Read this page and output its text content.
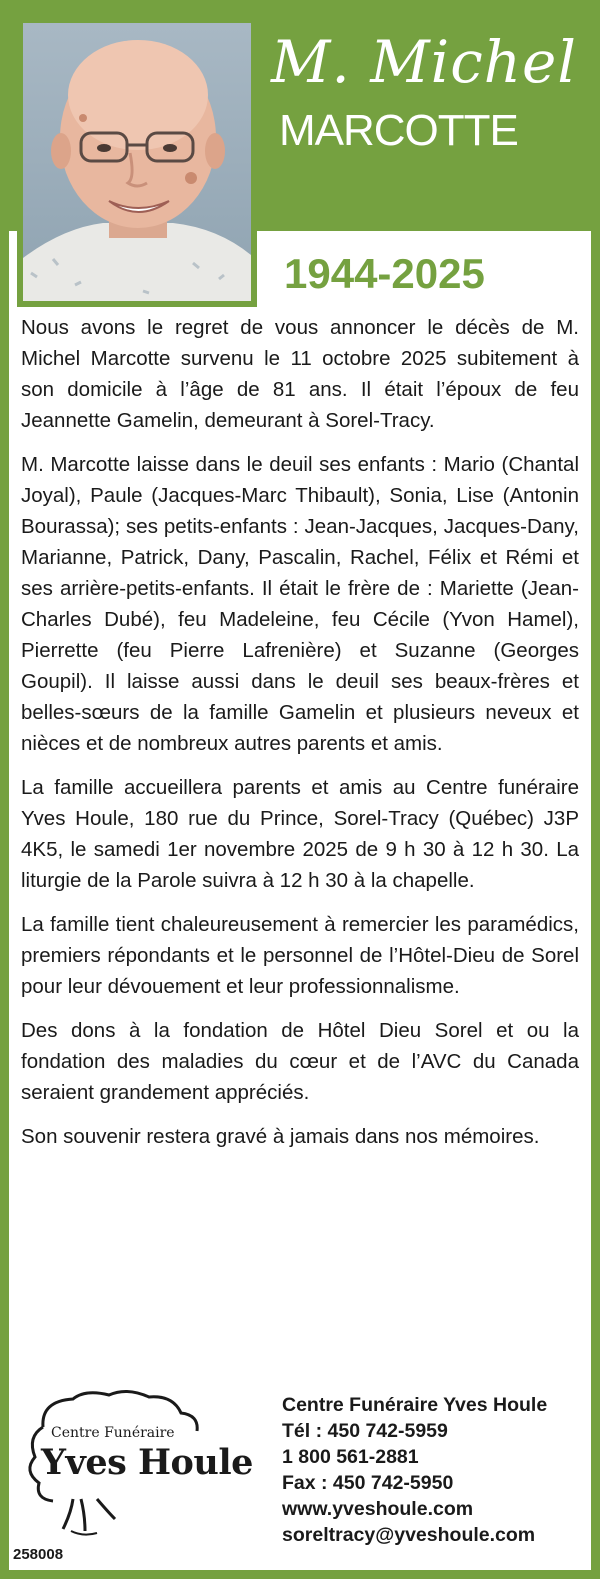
M. Michel
MARCOTTE
1944-2025

Nous avons le regret de vous annoncer le décès de M. Michel Marcotte survenu le 11 octobre 2025 subitement à son domicile à l’âge de 81 ans. Il était l’époux de feu Jeannette Gamelin, demeurant à Sorel-Tracy.

M. Marcotte laisse dans le deuil ses enfants : Mario (Chantal Joyal), Paule (Jacques-Marc Thibault), Sonia, Lise (Antonin Bourassa); ses petits-enfants : Jean-Jacques, Jacques-Dany, Marianne, Patrick, Dany, Pascalin, Rachel, Félix et Rémi et ses arrière-petits-enfants. Il était le frère de : Mariette (Jean-Charles Dubé), feu Madeleine, feu Cécile (Yvon Hamel), Pierrette (feu Pierre Lafrenière) et Suzanne (Georges Goupil). Il laisse aussi dans le deuil ses beaux-frères et belles-sœurs de la famille Gamelin et plusieurs neveux et nièces et de nombreux autres parents et amis.

La famille accueillera parents et amis au Centre funéraire Yves Houle, 180 rue du Prince, Sorel-Tracy (Québec) J3P 4K5, le samedi 1er novembre 2025 de 9 h 30 à 12 h 30. La liturgie de la Parole suivra à 12 h 30 à la chapelle.

La famille tient chaleureusement à remercier les paramédics, premiers répondants et le personnel de l’Hôtel-Dieu de Sorel pour leur dévouement et leur professionnalisme.

Des dons à la fondation de Hôtel Dieu Sorel et ou la fondation des maladies du cœur et de l’AVC du Canada seraient grandement appréciés.

Son souvenir restera gravé à jamais dans nos mémoires.

Centre Funéraire
Yves Houle
Centre Funéraire Yves Houle
Tél : 450 742-5959
1 800 561-2881
Fax : 450 742-5950
www.yveshoule.com
soreltracy@yveshoule.com
258008
